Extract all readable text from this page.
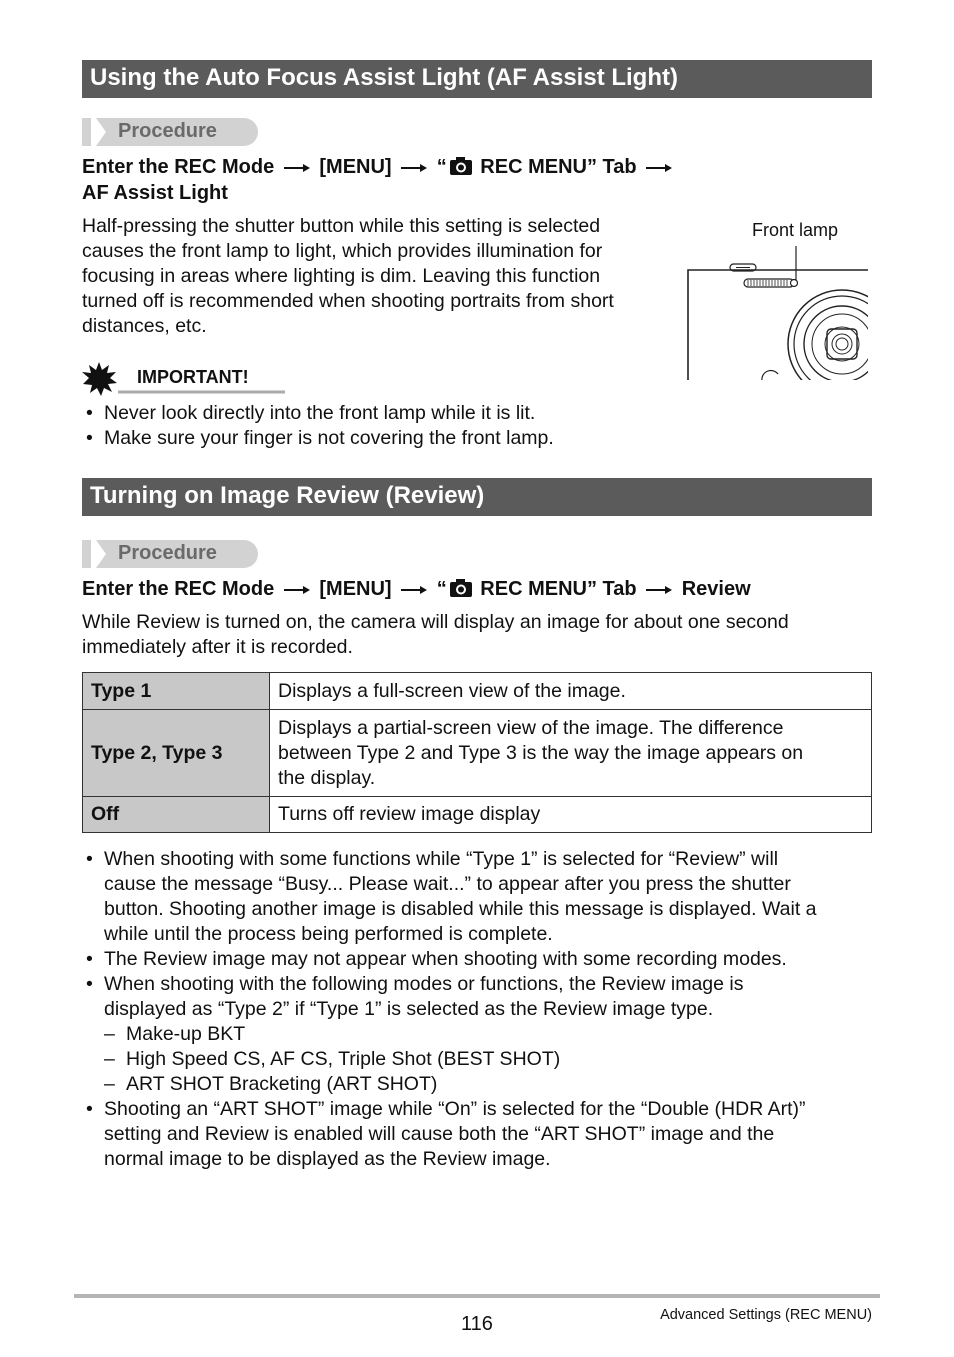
Using the Auto Focus Assist Light (AF Assist Light)
Procedure
Enter the REC Mode [MENU] “ REC MENU” Tab
AF Assist Light
Half-pressing the shutter button while this setting is selected
causes the front lamp to light, which provides illumination for
focusing in areas where lighting is dim. Leaving this function
turned off is recommended when shooting portraits from short
distances, etc.
Front lamp
IMPORTANT!
• Never look directly into the front lamp while it is lit.
• Make sure your finger is not covering the front lamp.
Turning on Image Review (Review)
Procedure
Enter the REC Mode [MENU] “ REC MENU” Tab Review
While Review is turned on, the camera will display an image for about one second
immediately after it is recorded.
Type 1	Displays a full-screen view of the image.

Type 2, Type 3	Displays a partial-screen view of the image. The difference
between Type 2 and Type 3 is the way the image appears on
the display.

Off	Turns off review image display
• When shooting with some functions while “Type 1” is selected for “Review” will
cause the message “Busy... Please wait...” to appear after you press the shutter
button. Shooting another image is disabled while this message is displayed. Wait a
while until the process being performed is complete.
• The Review image may not appear when shooting with some recording modes.
• When shooting with the following modes or functions, the Review image is
displayed as “Type 2” if “Type 1” is selected as the Review image type.
– Make-up BKT
– High Speed CS, AF CS, Triple Shot (BEST SHOT)
– ART SHOT Bracketing (ART SHOT)
• Shooting an “ART SHOT” image while “On” is selected for the “Double (HDR Art)”
setting and Review is enabled will cause both the “ART SHOT” image and the
normal image to be displayed as the Review image.
116	Advanced Settings (REC MENU)
